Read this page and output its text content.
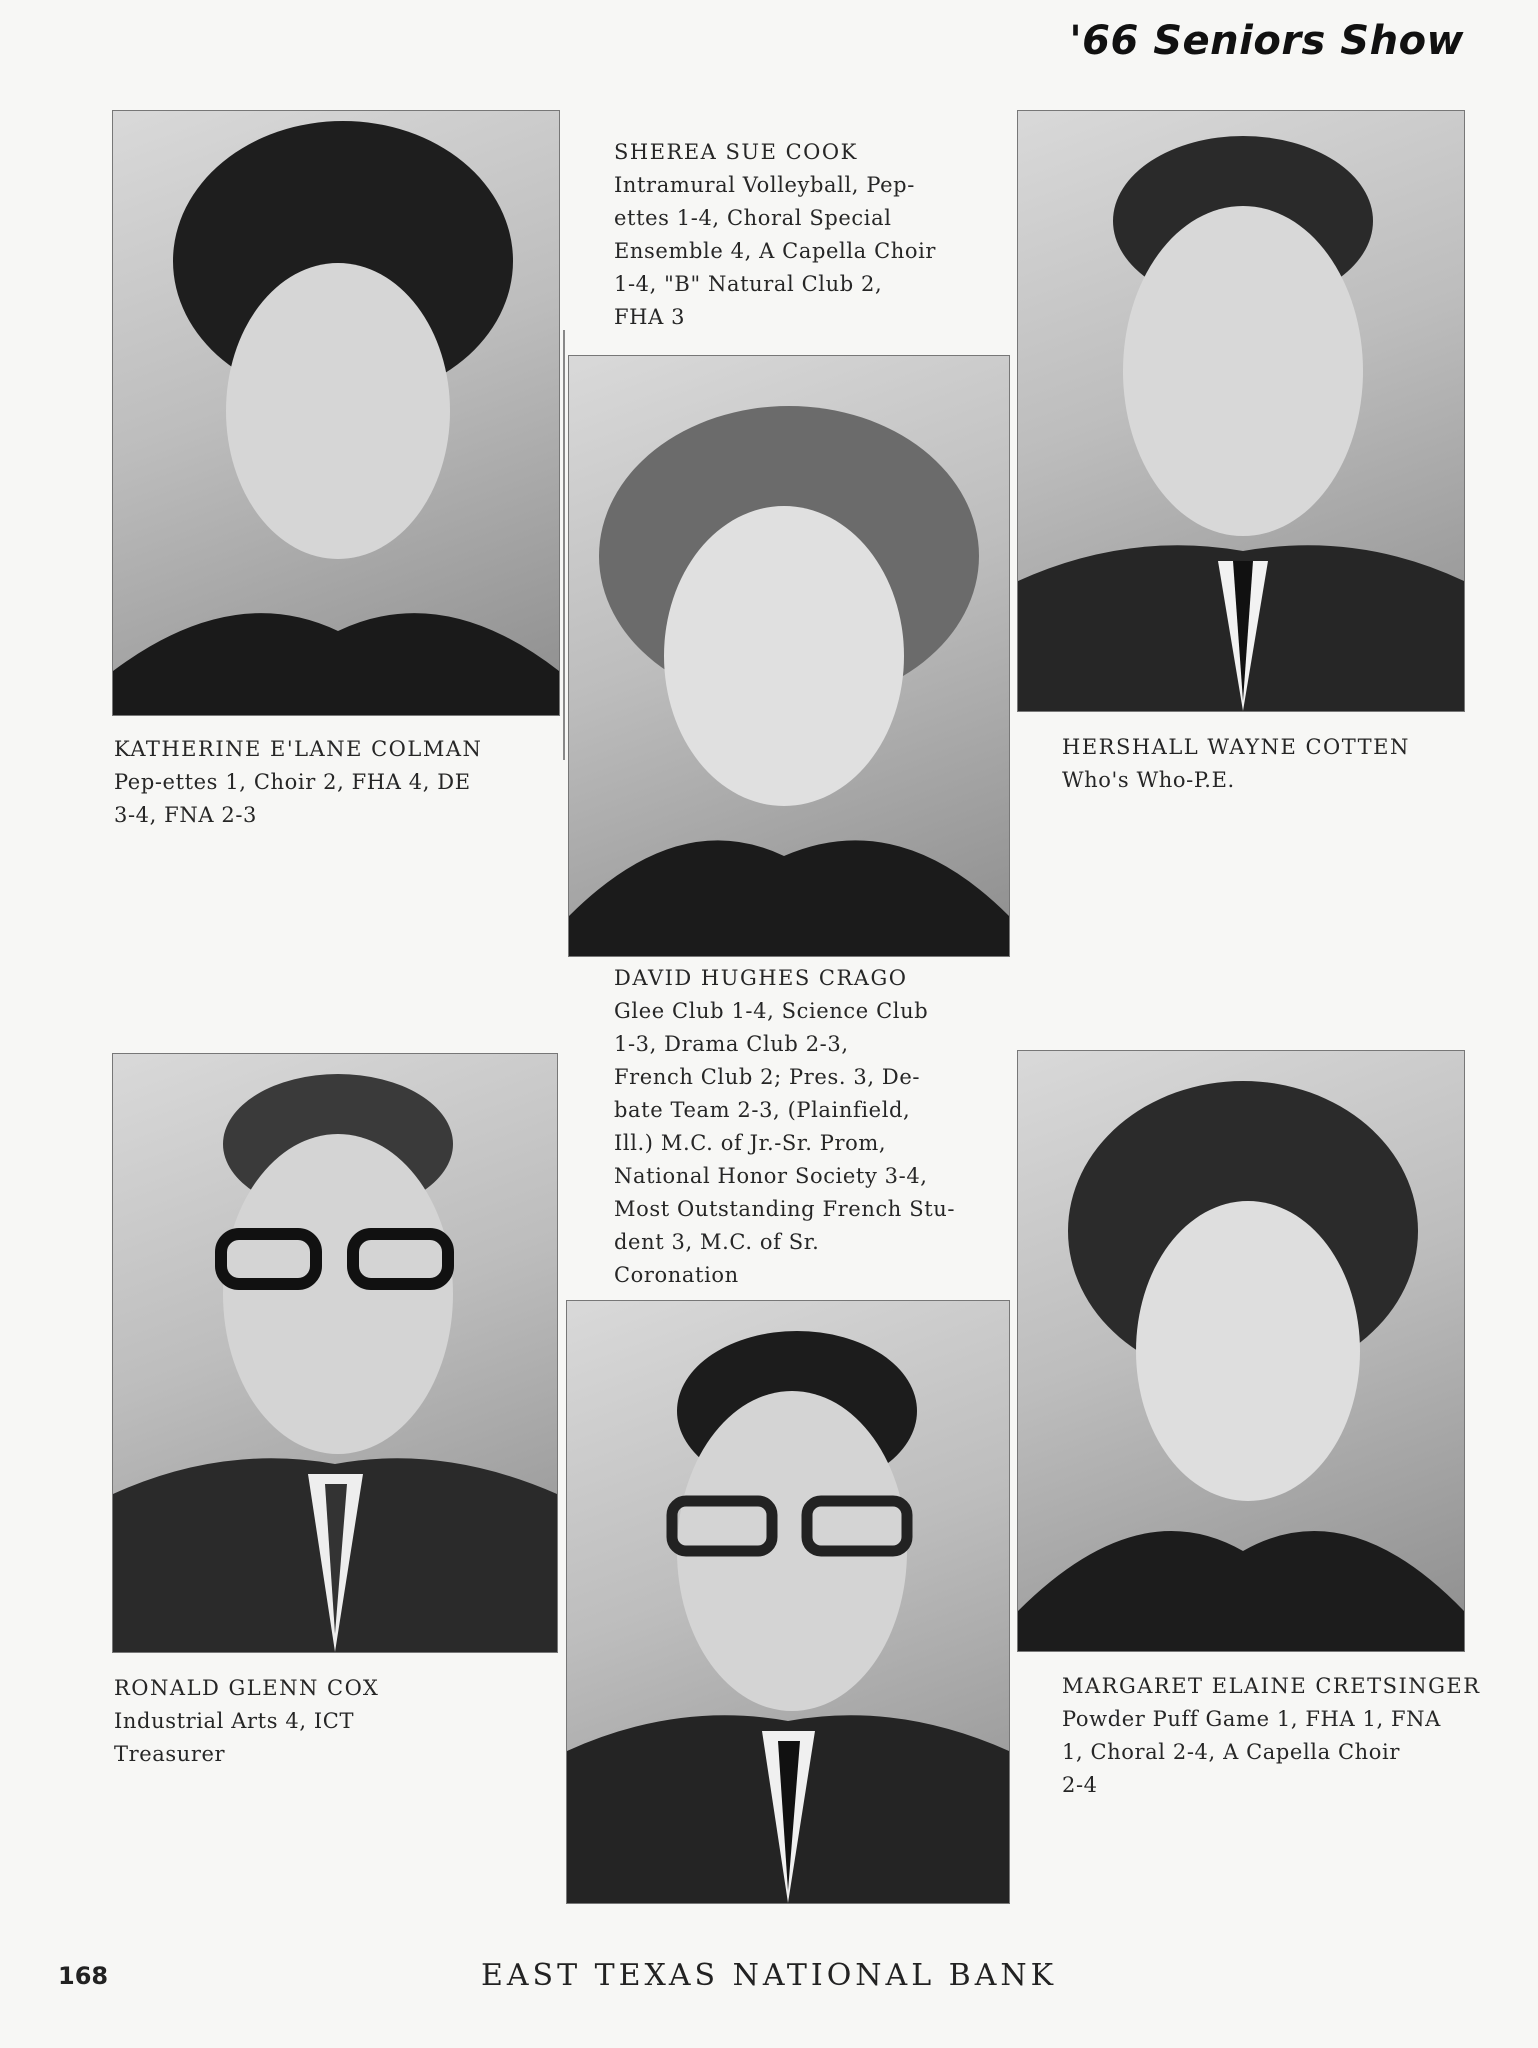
'66 Seniors Show
SHEREA SUE COOK
Intramural Volleyball, Pep-
ettes 1-4, Choral Special
Ensemble 4, A Capella Choir
1-4, "B" Natural Club 2,
FHA 3
KATHERINE E'LANE COLMAN
Pep-ettes 1, Choir 2, FHA 4, DE
3-4, FNA 2-3
HERSHALL WAYNE COTTEN
Who's Who-P.E.
DAVID HUGHES CRAGO
Glee Club 1-4, Science Club
1-3, Drama Club 2-3,
French Club 2; Pres. 3, De-
bate Team 2-3, (Plainfield,
Ill.) M.C. of Jr.-Sr. Prom,
National Honor Society 3-4,
Most Outstanding French Stu-
dent 3, M.C. of Sr.
Coronation
RONALD GLENN COX
Industrial Arts 4, ICT
Treasurer
MARGARET ELAINE CRETSINGER
Powder Puff Game 1, FHA 1, FNA
1, Choral 2-4, A Capella Choir
2-4
168	EAST TEXAS NATIONAL BANK
